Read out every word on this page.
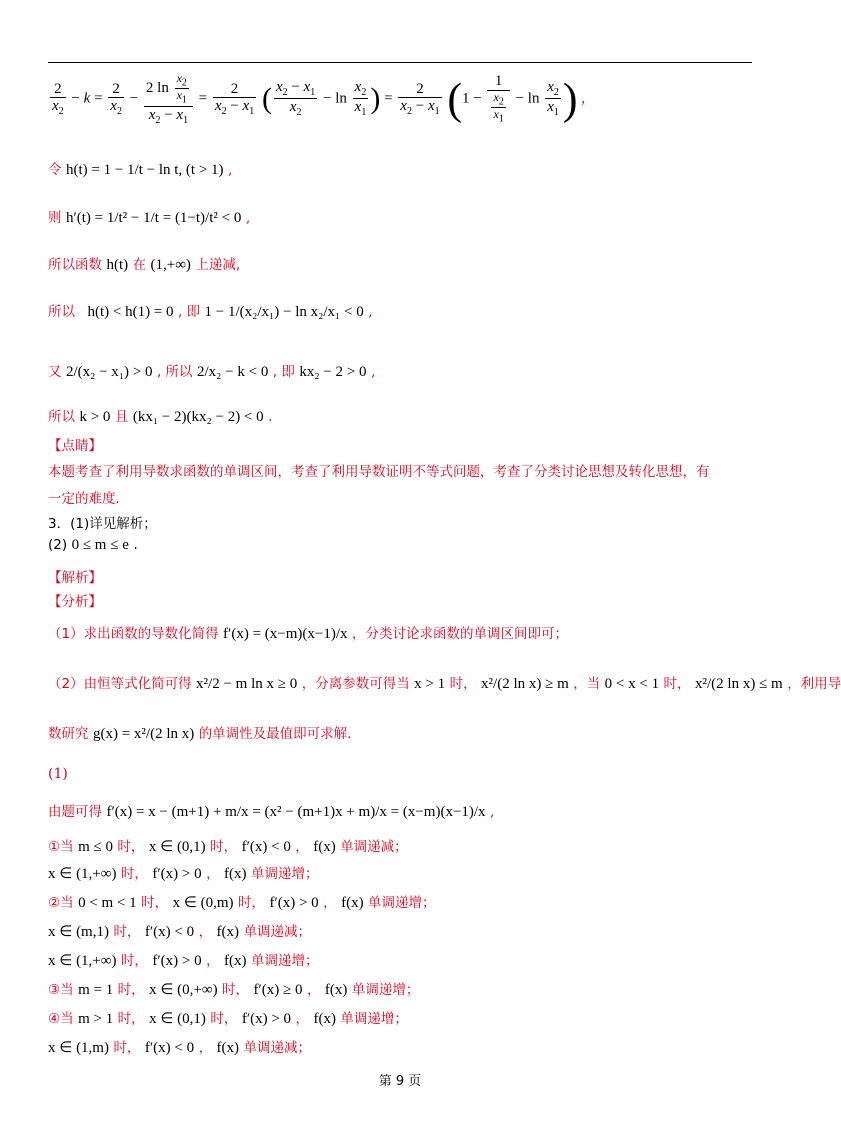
$\frac{2}{x_2} - k = \frac{2}{x_2} - \frac{2 \ln \frac{x_2}{x_1}}{x_2 - x_1} = \frac{2}{x_2 - x_1}$ ( $\frac{x_2 - x_1}{x_2} - \ln \frac{x_2}{x_1}$ ) = $\frac{2}{x_2 - x_1} (1 - \frac{1}{\frac{x_2}{x_1}} - \ln \frac{x_2}{x_1}$ ) ,
令 h(t) = 1 − 1/t − ln t, (t > 1) ,
则 h′(t) = 1/t² − 1/t = (1−t)/t² < 0 ,
所以函数 h(t) 在 (1,+∞) 上递减,
所以 h(t) < h(1) = 0 , 即 1 − 1/(x₂/x₁) − ln x₂/x₁ < 0 ,
又 2/(x₂ − x₁) > 0 , 所以 2/x₂ − k < 0 , 即 kx₂ − 2 > 0 ,
所以 k > 0 且 (kx₁ − 2)(kx₂ − 2) < 0 .
【点睛】
本题考查了利用导数求函数的单调区间，考查了利用导数证明不等式问题，考查了分类讨论思想及转化思想，有
一定的难度.
3．(1)详见解析；
(2) 0 ≤ m ≤ e .
【解析】
【分析】
（1）求出函数的导数化简得 f′(x) = (x−m)(x−1)/x ，分类讨论求函数的单调区间即可；
（2）由恒等式化简可得 x²/2 − m ln x ≥ 0 ，分离参数可得当 x > 1 时， x²/(2 ln x) ≥ m ，当 0 < x < 1 时， x²/(2 ln x) ≤ m ，利用导
数研究 g(x) = x²/(2 ln x) 的单调性及最值即可求解.
(1)
由题可得 f′(x) = x − (m+1) + m/x = (x² − (m+1)x + m)/x = (x−m)(x−1)/x ,
①当 m ≤ 0 时， x ∈ (0,1) 时， f′(x) < 0 ， f(x) 单调递减；
x ∈ (1,+∞) 时， f′(x) > 0 ， f(x) 单调递增；
②当 0 < m < 1 时， x ∈ (0,m) 时， f′(x) > 0 ， f(x) 单调递增；
x ∈ (m,1) 时， f′(x) < 0 ， f(x) 单调递减；
x ∈ (1,+∞) 时， f′(x) > 0 ， f(x) 单调递增；
③当 m = 1 时， x ∈ (0,+∞) 时， f′(x) ≥ 0 ， f(x) 单调递增；
④当 m > 1 时， x ∈ (0,1) 时， f′(x) > 0 ， f(x) 单调递增；
x ∈ (1,m) 时， f′(x) < 0 ， f(x) 单调递减；
第 9 页
